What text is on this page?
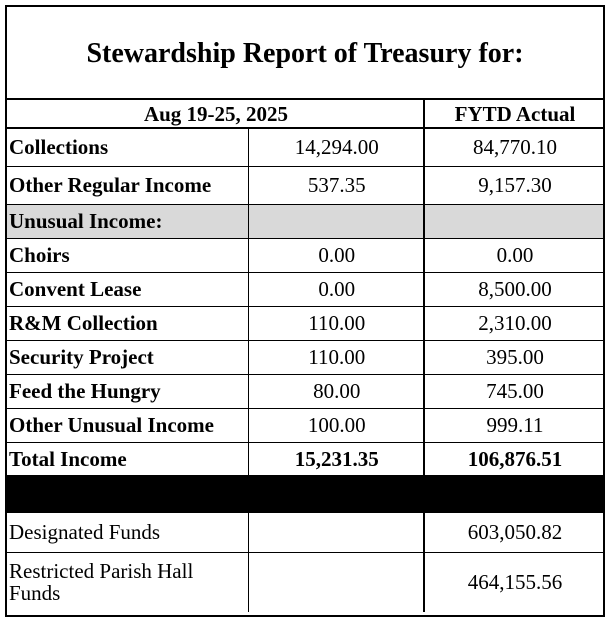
Stewardship Report of Treasury for:
Aug 19-25, 2025		FYTD Actual
Collections	14,294.00	84,770.10
Other Regular Income	537.35	9,157.30
Unusual Income:		
Choirs	0.00	0.00
Convent Lease	0.00	8,500.00
R&M Collection	110.00	2,310.00
Security Project	110.00	395.00
Feed the Hungry	80.00	745.00
Other Unusual Income	100.00	999.11
Total Income	15,231.35	106,876.51

Designated Funds		603,050.82
Restricted Parish Hall Funds		464,155.56
